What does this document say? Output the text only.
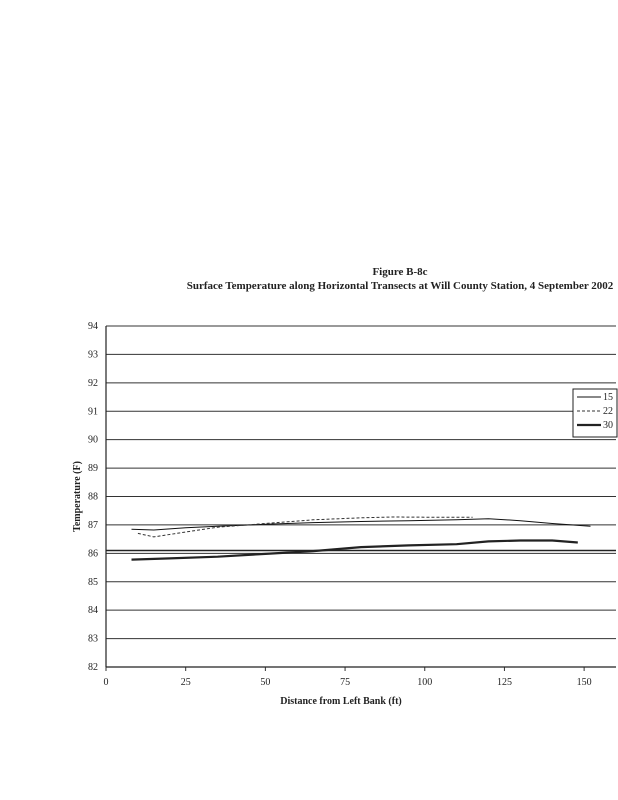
Figure B-8c
Surface Temperature along Horizontal Transects at Will County Station, 4 September 2002
82
83
84
85
86
87
88
89
90
91
92
93
94
0	25	50	75	100	125	150
15
22
30
Distance from Left Bank (ft)
Temperature (F)
